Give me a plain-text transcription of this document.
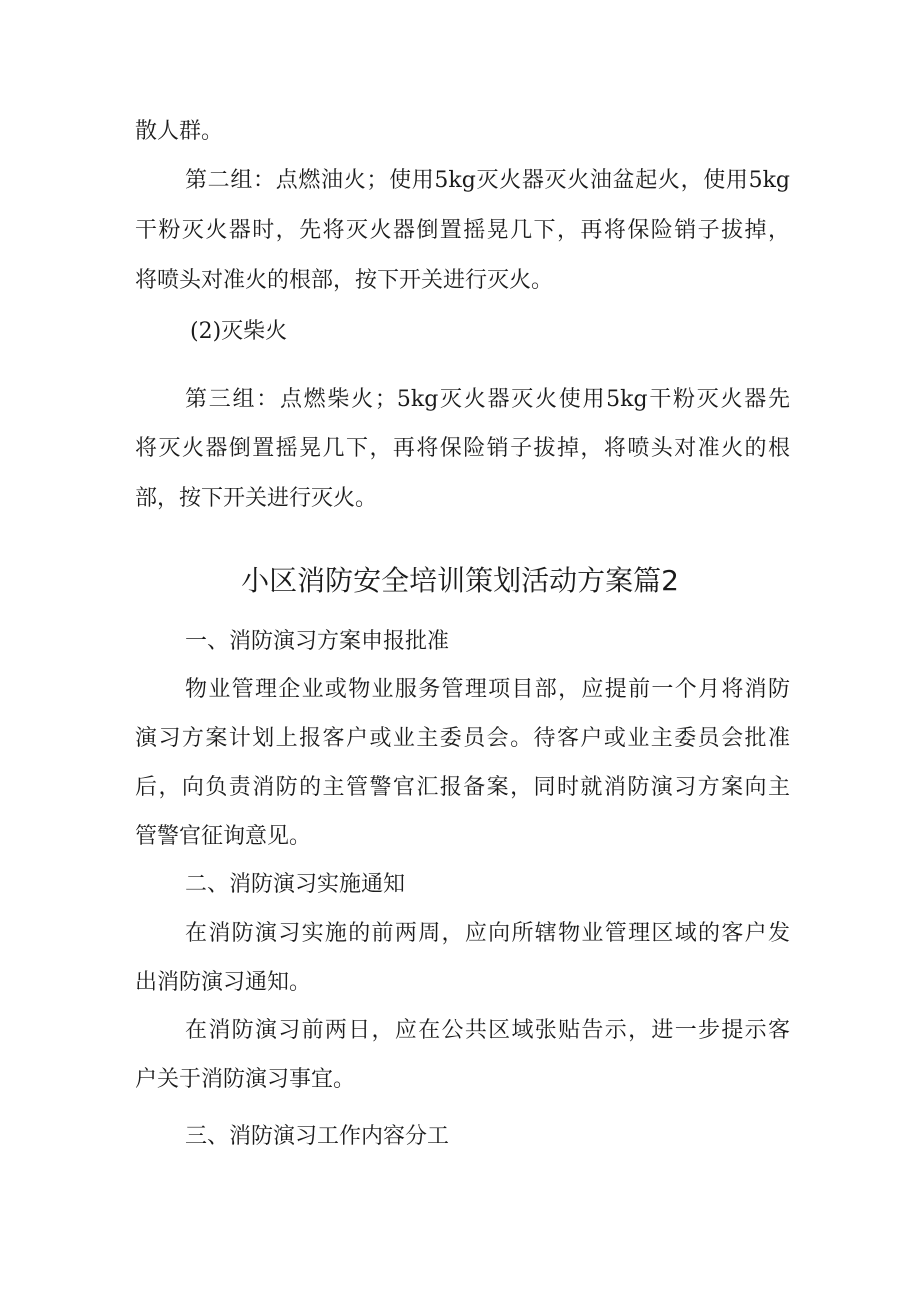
散人群。
第二组：点燃油火；使用5kg灭火器灭火油盆起火，使用5kg
干粉灭火器时，先将灭火器倒置摇晃几下，再将保险销子拔掉，
将喷头对准火的根部，按下开关进行灭火。
(2)灭柴火
第三组：点燃柴火；5kg灭火器灭火使用5kg干粉灭火器先
将灭火器倒置摇晃几下，再将保险销子拔掉，将喷头对准火的根
部，按下开关进行灭火。
小区消防安全培训策划活动方案篇2
一、消防演习方案申报批准
物业管理企业或物业服务管理项目部，应提前一个月将消防
演习方案计划上报客户或业主委员会。待客户或业主委员会批准
后，向负责消防的主管警官汇报备案，同时就消防演习方案向主
管警官征询意见。
二、消防演习实施通知
在消防演习实施的前两周，应向所辖物业管理区域的客户发
出消防演习通知。
在消防演习前两日，应在公共区域张贴告示，进一步提示客
户关于消防演习事宜。
三、消防演习工作内容分工
